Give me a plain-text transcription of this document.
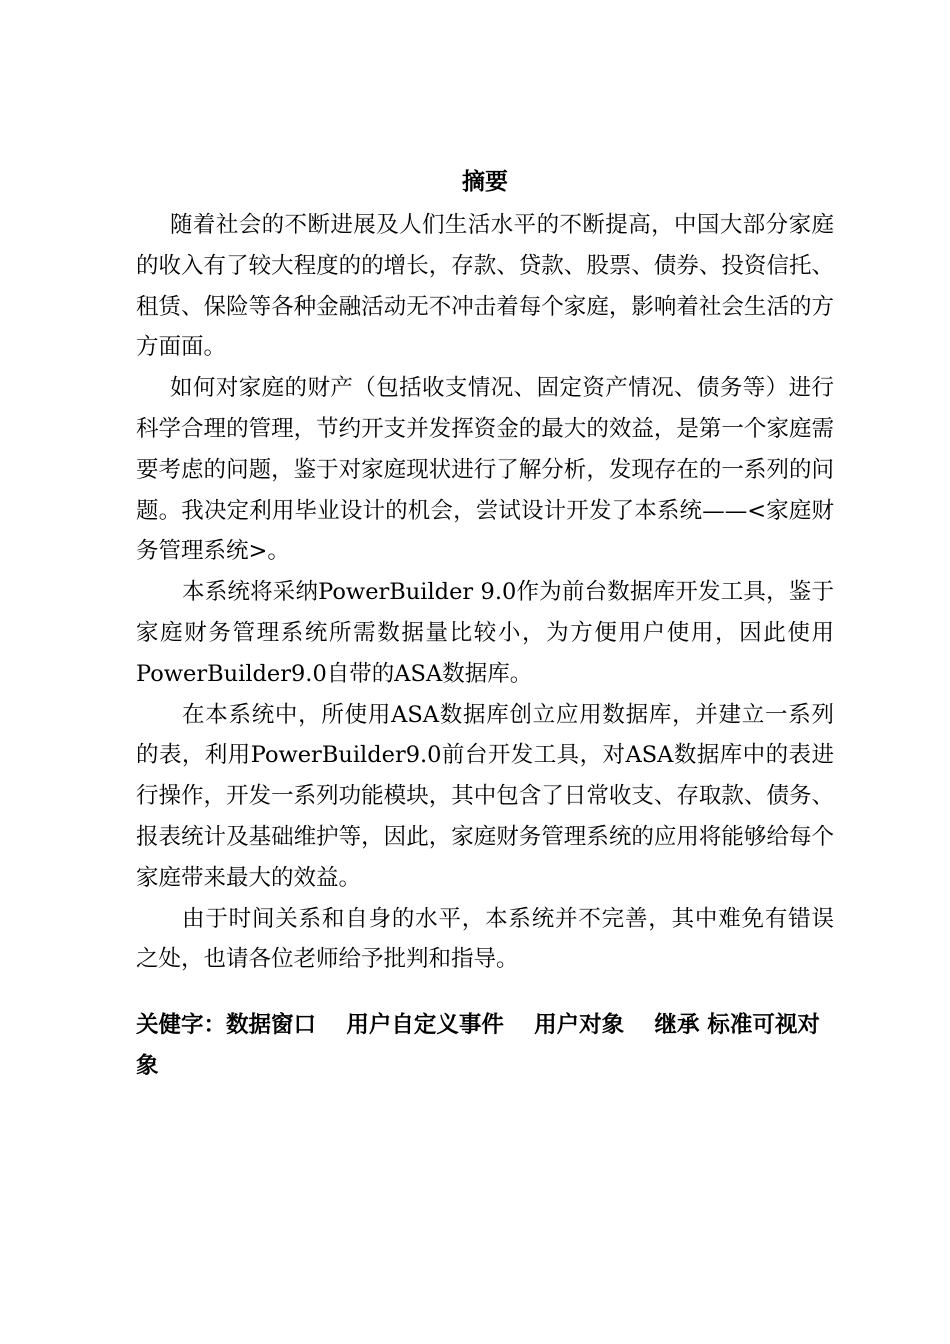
摘要

随着社会的不断进展及人们生活水平的不断提高，中国大部分家庭的收入有了较大程度的的增长，存款、贷款、股票、债券、投资信托、租赁、保险等各种金融活动无不冲击着每个家庭，影响着社会生活的方方面面。

如何对家庭的财产（包括收支情况、固定资产情况、债务等）进行科学合理的管理，节约开支并发挥资金的最大的效益，是第一个家庭需要考虑的问题，鉴于对家庭现状进行了解分析，发现存在的一系列的问题。我决定利用毕业设计的机会，尝试设计开发了本系统——<家庭财务管理系统>。

本系统将采纳PowerBuilder 9.0作为前台数据库开发工具，鉴于家庭财务管理系统所需数据量比较小，为方便用户使用，因此使用PowerBuilder9.0自带的ASA数据库。

在本系统中，所使用ASA数据库创立应用数据库，并建立一系列的表，利用PowerBuilder9.0前台开发工具，对ASA数据库中的表进行操作，开发一系列功能模块，其中包含了日常收支、存取款、债务、报表统计及基础维护等，因此，家庭财务管理系统的应用将能够给每个家庭带来最大的效益。

由于时间关系和自身的水平，本系统并不完善，其中难免有错误之处，也请各位老师给予批判和指导。

关健字：数据窗口　 用户自定义事件　 用户对象　 继承 标准可视对象
